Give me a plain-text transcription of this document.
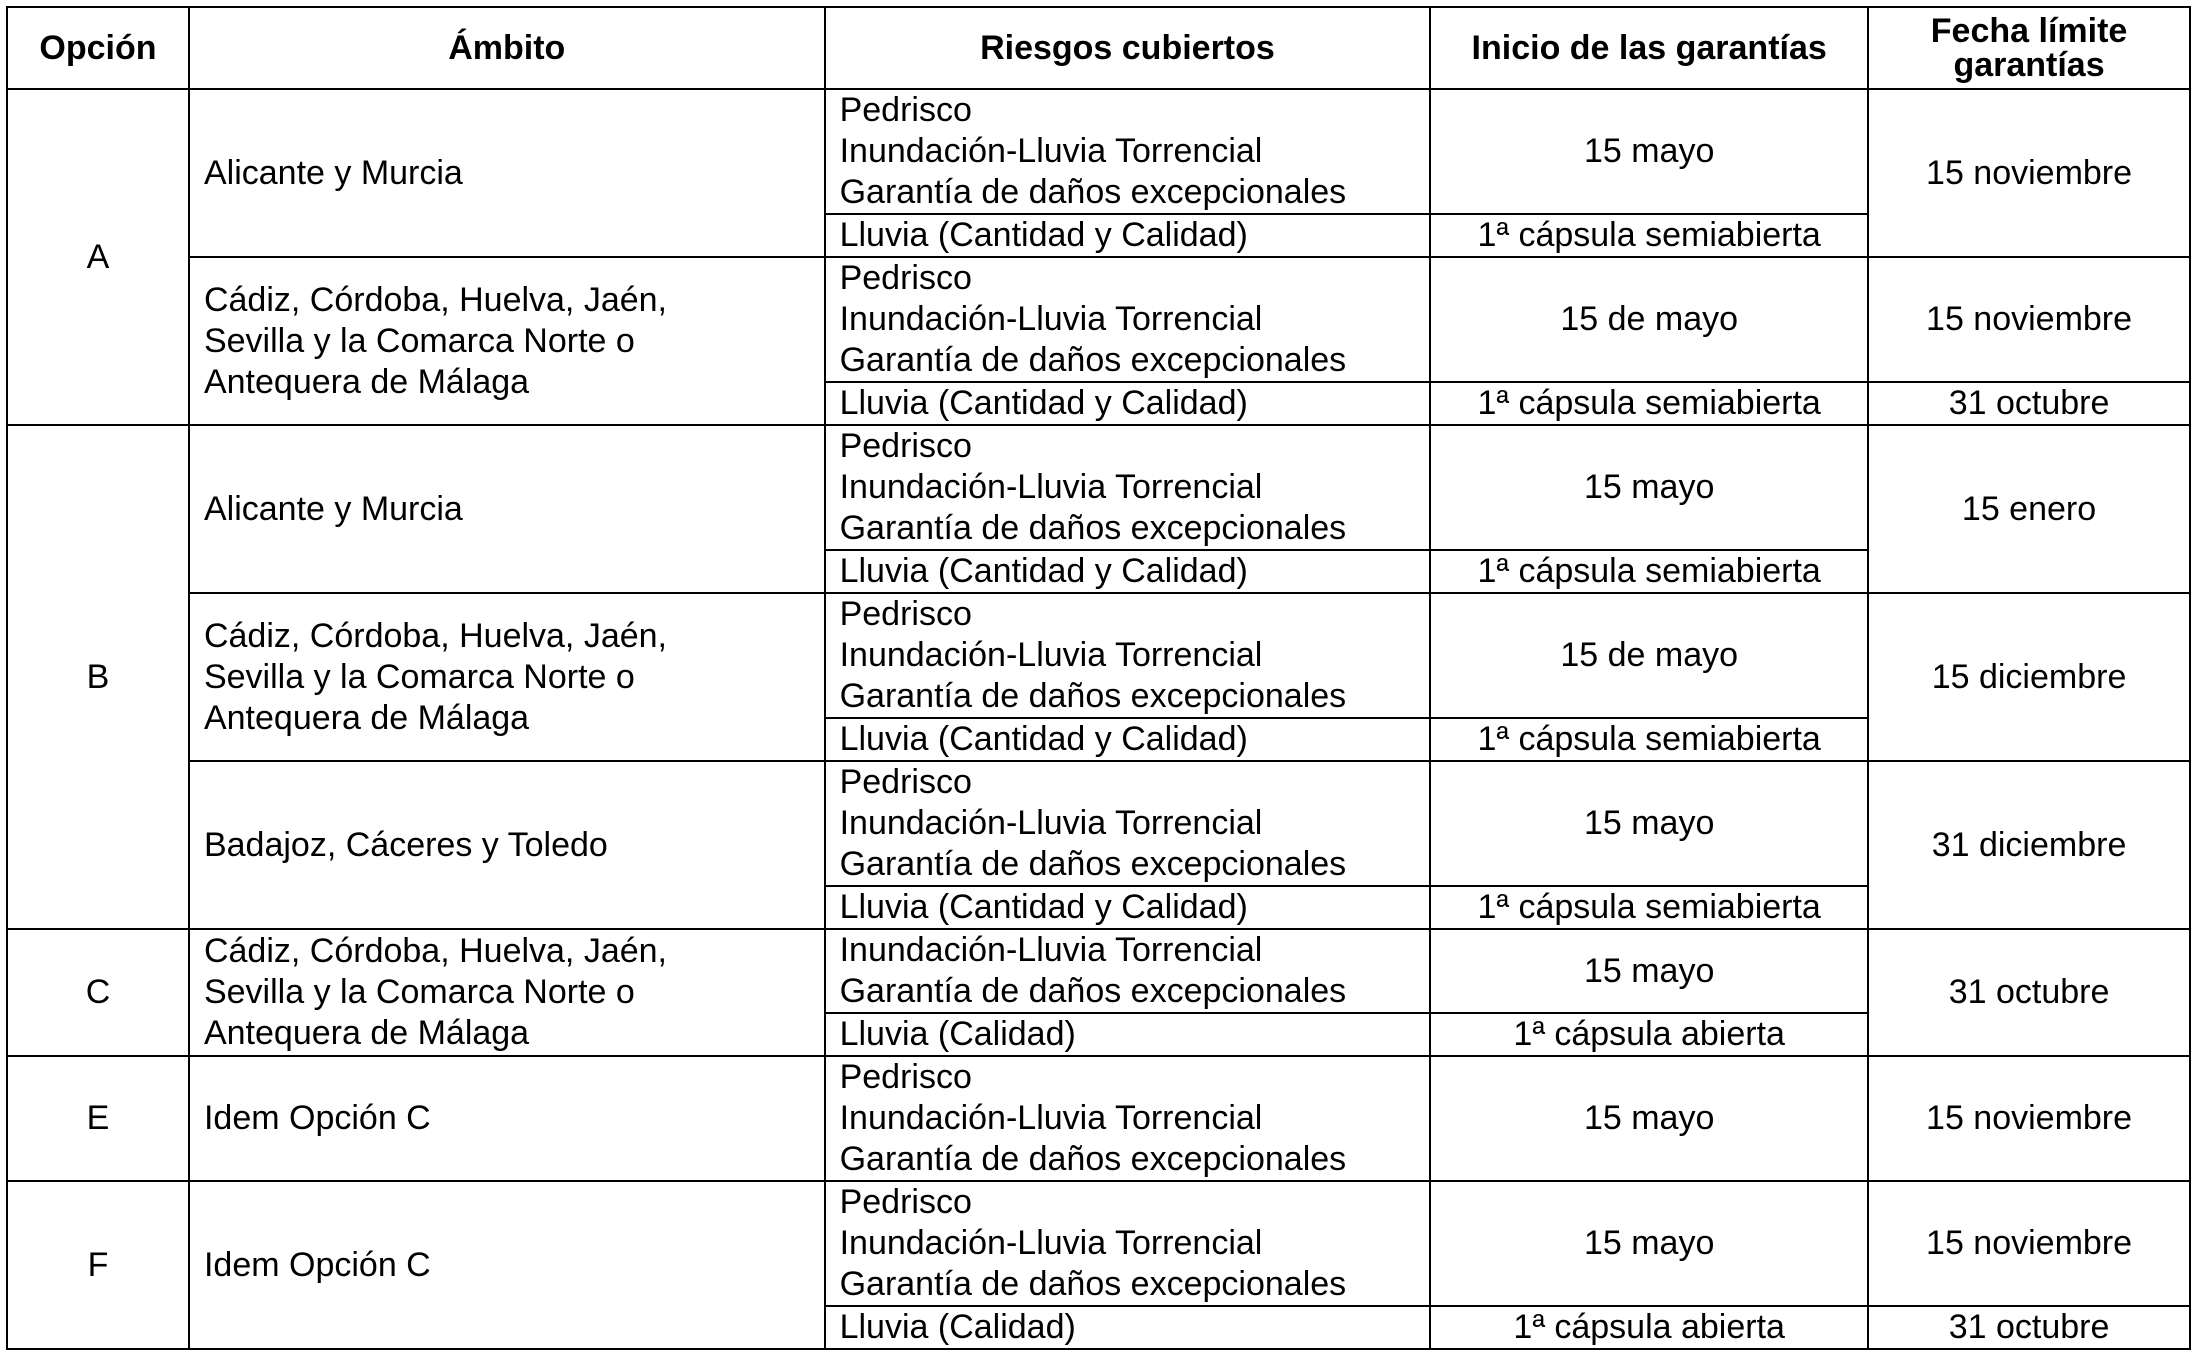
Opción	Ámbito	Riesgos cubiertos	Inicio de las garantías	Fecha límite
garantías
A	Alicante y Murcia	Pedrisco
Inundación-Lluvia Torrencial
Garantía de daños excepcionales	15 mayo	15 noviembre
		Lluvia (Cantidad y Calidad)	1ª cápsula semiabierta	
	Cádiz, Córdoba, Huelva, Jaén,
Sevilla y la Comarca Norte o
Antequera de Málaga	Pedrisco
Inundación-Lluvia Torrencial
Garantía de daños excepcionales	15 de mayo	15 noviembre
		Lluvia (Cantidad y Calidad)	1ª cápsula semiabierta	31 octubre
B	Alicante y Murcia	Pedrisco
Inundación-Lluvia Torrencial
Garantía de daños excepcionales	15 mayo	15 enero
		Lluvia (Cantidad y Calidad)	1ª cápsula semiabierta	
	Cádiz, Córdoba, Huelva, Jaén,
Sevilla y la Comarca Norte o
Antequera de Málaga	Pedrisco
Inundación-Lluvia Torrencial
Garantía de daños excepcionales	15 de mayo	15 diciembre
		Lluvia (Cantidad y Calidad)	1ª cápsula semiabierta	
	Badajoz, Cáceres y Toledo	Pedrisco
Inundación-Lluvia Torrencial
Garantía de daños excepcionales	15 mayo	31 diciembre
		Lluvia (Cantidad y Calidad)	1ª cápsula semiabierta	
C	Cádiz, Córdoba, Huelva, Jaén,
Sevilla y la Comarca Norte o
Antequera de Málaga	Inundación-Lluvia Torrencial
Garantía de daños excepcionales	15 mayo	31 octubre
		Lluvia (Calidad)	1ª cápsula abierta	
E	Idem Opción C	Pedrisco
Inundación-Lluvia Torrencial
Garantía de daños excepcionales	15 mayo	15 noviembre
F	Idem Opción C	Pedrisco
Inundación-Lluvia Torrencial
Garantía de daños excepcionales	15 mayo	15 noviembre
		Lluvia (Calidad)	1ª cápsula abierta	31 octubre
